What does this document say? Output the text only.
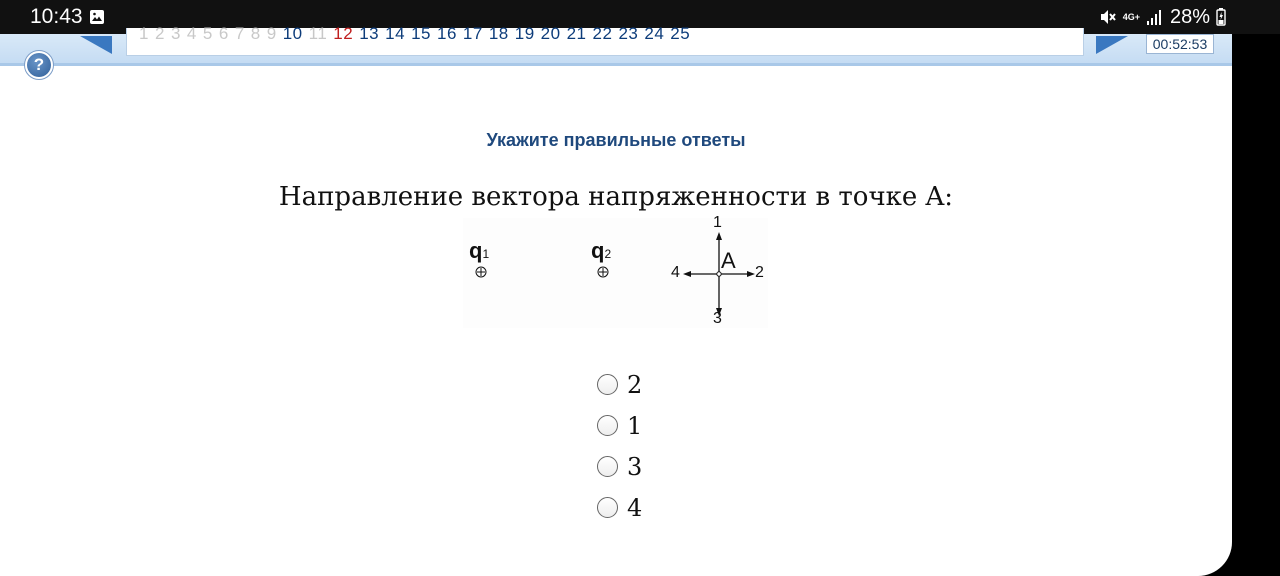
10:43	4G+ 28%
1 2 3 4 5 6 7 8 9 10 11 12 13 14 15 16 17 18 19 20 21 22 23 24 25
00:52:53
?
Укажите правильные ответы
Направление вектора напряженности в точке A:
q1	q2
1
2
3
4 A
2
1
3
4
